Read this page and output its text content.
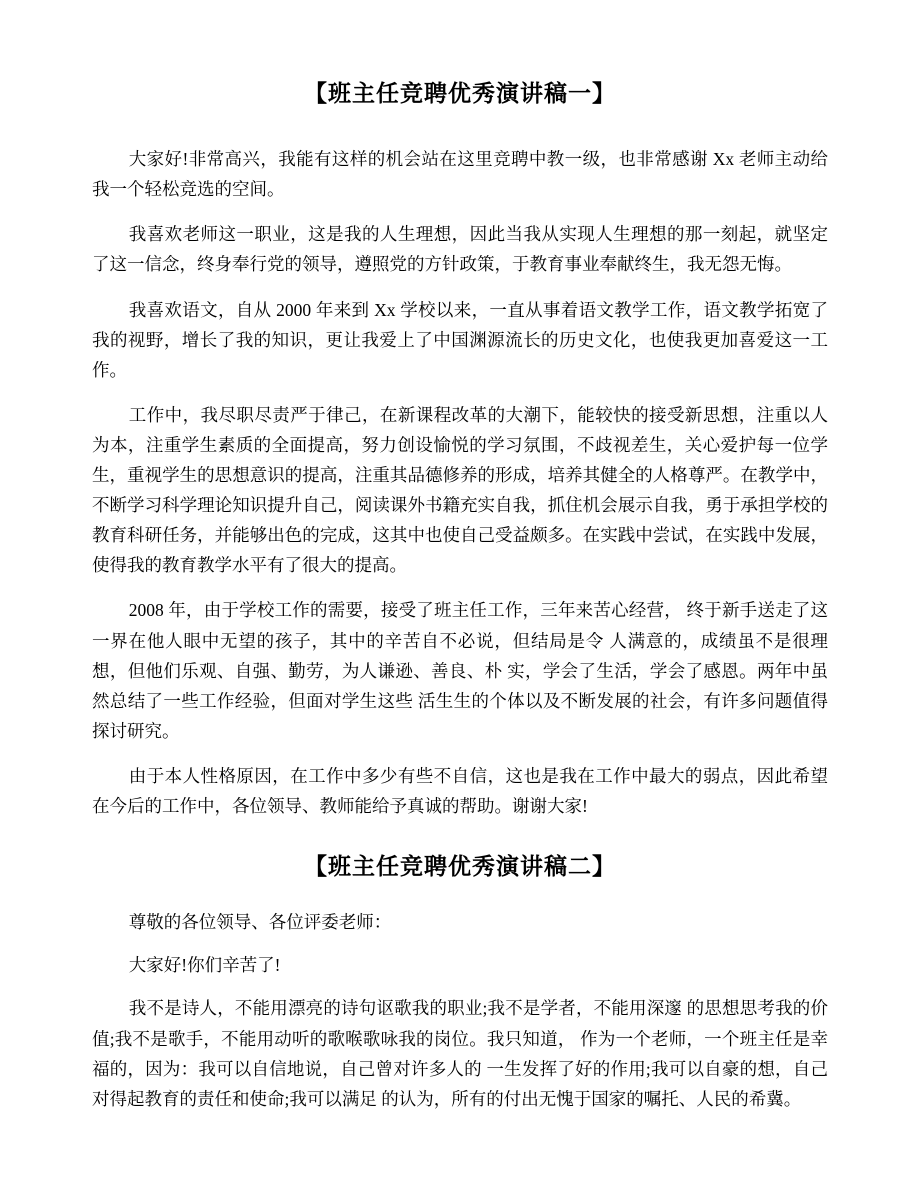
【班主任竞聘优秀演讲稿一】

大家好!非常高兴，我能有这样的机会站在这里竞聘中教一级，也非常感谢 Xx 老师主动给我一个轻松竞选的空间。

我喜欢老师这一职业，这是我的人生理想，因此当我从实现人生理想的那一刻起，就坚定了这一信念，终身奉行党的领导，遵照党的方针政策，于教育事业奉献终生，我无怨无悔。

我喜欢语文，自从 2000 年来到 Xx 学校以来，一直从事着语文教学工作，语文教学拓宽了我的视野，增长了我的知识，更让我爱上了中国渊源流长的历史文化，也使我更加喜爱这一工作。

工作中，我尽职尽责严于律己，在新课程改革的大潮下，能较快的接受新思想，注重以人为本，注重学生素质的全面提高，努力创设愉悦的学习氛围，不歧视差生，关心爱护每一位学生，重视学生的思想意识的提高，注重其品德修养的形成，培养其健全的人格尊严。在教学中，不断学习科学理论知识提升自己，阅读课外书籍充实自我，抓住机会展示自我，勇于承担学校的教育科研任务，并能够出色的完成，这其中也使自己受益颇多。在实践中尝试，在实践中发展，使得我的教育教学水平有了很大的提高。

2008 年，由于学校工作的需要，接受了班主任工作，三年来苦心经营， 终于新手送走了这一界在他人眼中无望的孩子，其中的辛苦自不必说，但结局是令 人满意的，成绩虽不是很理想，但他们乐观、自强、勤劳，为人谦逊、善良、朴 实，学会了生活，学会了感恩。两年中虽然总结了一些工作经验，但面对学生这些 活生生的个体以及不断发展的社会，有许多问题值得探讨研究。

由于本人性格原因，在工作中多少有些不自信，这也是我在工作中最大的弱点，因此希望在今后的工作中，各位领导、教师能给予真诚的帮助。谢谢大家!

【班主任竞聘优秀演讲稿二】

尊敬的各位领导、各位评委老师：

大家好!你们辛苦了!

我不是诗人，不能用漂亮的诗句讴歌我的职业;我不是学者，不能用深邃 的思想思考我的价值;我不是歌手，不能用动听的歌喉歌咏我的岗位。我只知道， 作为一个老师，一个班主任是幸福的，因为：我可以自信地说，自己曾对许多人的 一生发挥了好的作用;我可以自豪的想，自己对得起教育的责任和使命;我可以满足 的认为，所有的付出无愧于国家的嘱托、人民的希冀。
